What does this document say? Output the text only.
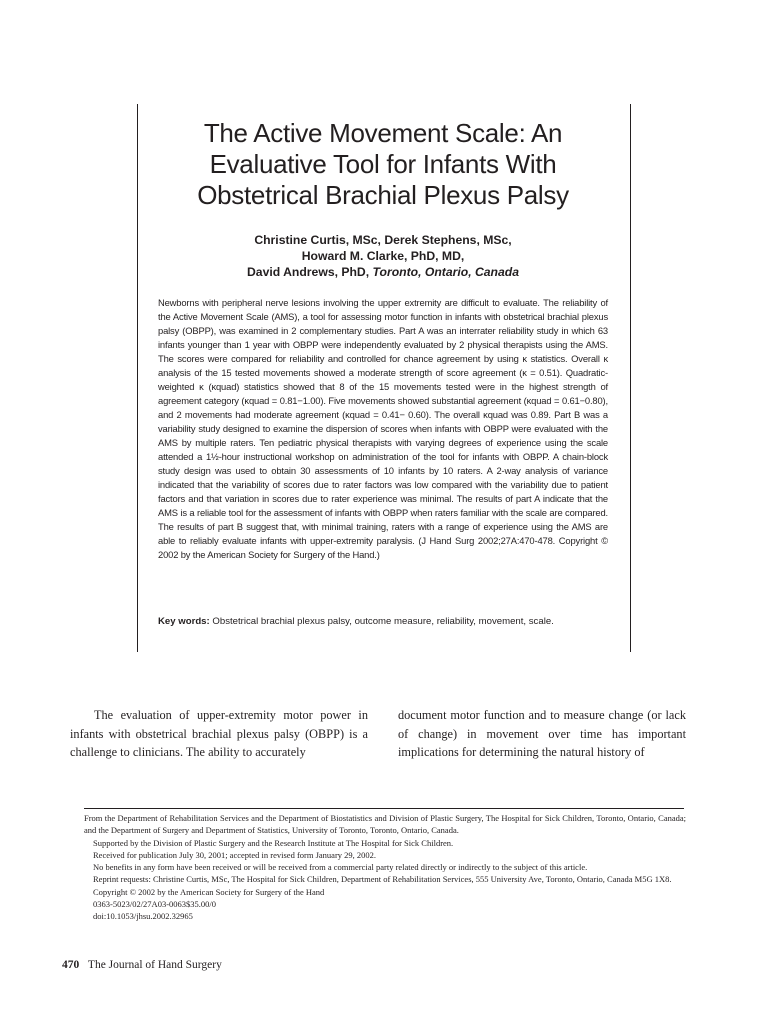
The Active Movement Scale: An
Evaluative Tool for Infants With
Obstetrical Brachial Plexus Palsy
Christine Curtis, MSc, Derek Stephens, MSc,
Howard M. Clarke, PhD, MD,
David Andrews, PhD, Toronto, Ontario, Canada

Newborns with peripheral nerve lesions involving the upper extremity are difficult to evaluate. The reliability of the Active Movement Scale (AMS), a tool for assessing motor function in infants with obstetrical brachial plexus palsy (OBPP), was examined in 2 complementary studies. Part A was an interrater reliability study in which 63 infants younger than 1 year with OBPP were independently evaluated by 2 physical therapists using the AMS. The scores were compared for reliability and controlled for chance agreement by using κ statistics. Overall κ analysis of the 15 tested movements showed a moderate strength of score agreement (κ = 0.51). Quadratic-weighted κ (κquad) statistics showed that 8 of the 15 movements tested were in the highest strength of agreement category (κquad = 0.81−1.00). Five movements showed substantial agreement (κquad = 0.61−0.80), and 2 movements had moderate agreement (κquad = 0.41− 0.60). The overall κquad was 0.89. Part B was a variability study designed to examine the dispersion of scores when infants with OBPP were evaluated with the AMS by multiple raters. Ten pediatric physical therapists with varying degrees of experience using the scale attended a 1½-hour instructional workshop on administration of the tool for infants with OBPP. A chain-block study design was used to obtain 30 assessments of 10 infants by 10 raters. A 2-way analysis of variance indicated that the variability of scores due to rater factors was low compared with the variability due to patient factors and that variation in scores due to rater experience was minimal. The results of part A indicate that the AMS is a reliable tool for the assessment of infants with OBPP when raters familiar with the scale are compared. The results of part B suggest that, with minimal training, raters with a range of experience using the AMS are able to reliably evaluate infants with upper-extremity paralysis. (J Hand Surg 2002;27A:470-478. Copyright © 2002 by the American Society for Surgery of the Hand.)

Key words: Obstetrical brachial plexus palsy, outcome measure, reliability, movement, scale.

The evaluation of upper-extremity motor power in infants with obstetrical brachial plexus palsy (OBPP) is a challenge to clinicians. The ability to accurately

document motor function and to measure change (or lack of change) in movement over time has important implications for determining the natural history of

From the Department of Rehabilitation Services and the Department of Biostatistics and Division of Plastic Surgery, The Hospital for Sick Children, Toronto, Ontario, Canada; and the Department of Surgery and Department of Statistics, University of Toronto, Toronto, Ontario, Canada.

Supported by the Division of Plastic Surgery and the Research Institute at The Hospital for Sick Children.

Received for publication July 30, 2001; accepted in revised form January 29, 2002.

No benefits in any form have been received or will be received from a commercial party related directly or indirectly to the subject of this article.

Reprint requests: Christine Curtis, MSc, The Hospital for Sick Children, Department of Rehabilitation Services, 555 University Ave, Toronto, Ontario, Canada M5G 1X8.

Copyright © 2002 by the American Society for Surgery of the Hand

0363-5023/02/27A03-0063$35.00/0

doi:10.1053/jhsu.2002.32965

470 The Journal of Hand Surgery
